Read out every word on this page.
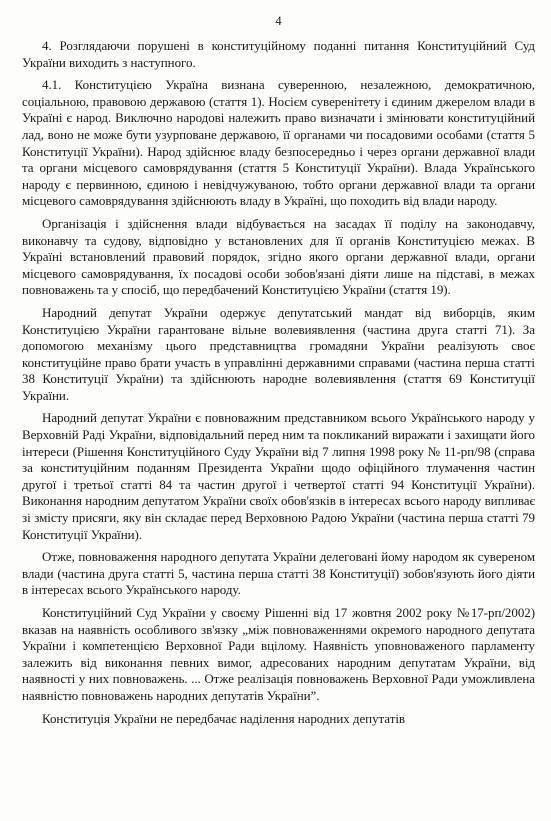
4

4. Розглядаючи порушені в конституційному поданні питання Конституційний Суд України виходить з наступного.

4.1. Конституцією Україна визнана суверенною, незалежною, демократичною, соціальною, правовою державою (стаття 1). Носієм суверенітету і єдиним джерелом влади в Україні є народ. Виключно народові належить право визначати і змінювати конституційний лад, воно не може бути узурповане державою, її органами чи посадовими особами (стаття 5 Конституції України). Народ здійснює владу безпосередньо і через органи державної влади та органи місцевого самоврядування (стаття 5 Конституції України). Влада Українського народу є первинною, єдиною і невідчужуваною, тобто органи державної влади та органи місцевого самоврядування здійснюють владу в Україні, що походить від влади народу.

Організація і здійснення влади відбувається на засадах її поділу на законодавчу, виконавчу та судову, відповідно у встановлених для її органів Конституцією межах. В Україні встановлений правовий порядок, згідно якого органи державної влади, органи місцевого самоврядування, їх посадові особи зобов'язані діяти лише на підставі, в межах повноважень та у спосіб, що передбачений Конституцією України (стаття 19).

Народний депутат України одержує депутатський мандат від виборців, яким Конституцією України гарантоване вільне волевиявлення (частина друга статті 71). За допомогою механізму цього представництва громадяни України реалізують своє конституційне право брати участь в управлінні державними справами (частина перша статті 38 Конституції України) та здійснюють народне волевиявлення (стаття 69 Конституції України.

Народний депутат України є повноважним представником всього Українського народу у Верховній Раді України, відповідальний перед ним та покликаний виражати і захищати його інтереси (Рішення Конституційного Суду України від 7 липня 1998 року № 11-рп/98 (справа за конституційним поданням Президента України щодо офіційного тлумачення частин другої і третьої статті 84 та частин другої і четвертої статті 94 Конституції України). Виконання народним депутатом України своїх обов'язків в інтересах всього народу випливає зі змісту присяги, яку він складає перед Верховною Радою України (частина перша статті 79 Конституції України).

Отже, повноваження народного депутата України делеговані йому народом як сувереном влади (частина друга статті 5, частина перша статті 38 Конституції) зобов'язують його діяти в інтересах всього Українського народу.

Конституційний Суд України у своєму Рішенні від 17 жовтня 2002 року №17-рп/2002) вказав на наявність особливого зв'язку „між повноваженнями окремого народного депутата України і компетенцією Верховної Ради вцілому. Наявність уповноваженого парламенту залежить від виконання певних вимог, адресованих народним депутатам України, від наявності у них повноважень. ... Отже реалізація повноважень Верховної Ради уможливлена наявністю повноважень народних депутатів України”.

Конституція України не передбачає наділення народних депутатів
